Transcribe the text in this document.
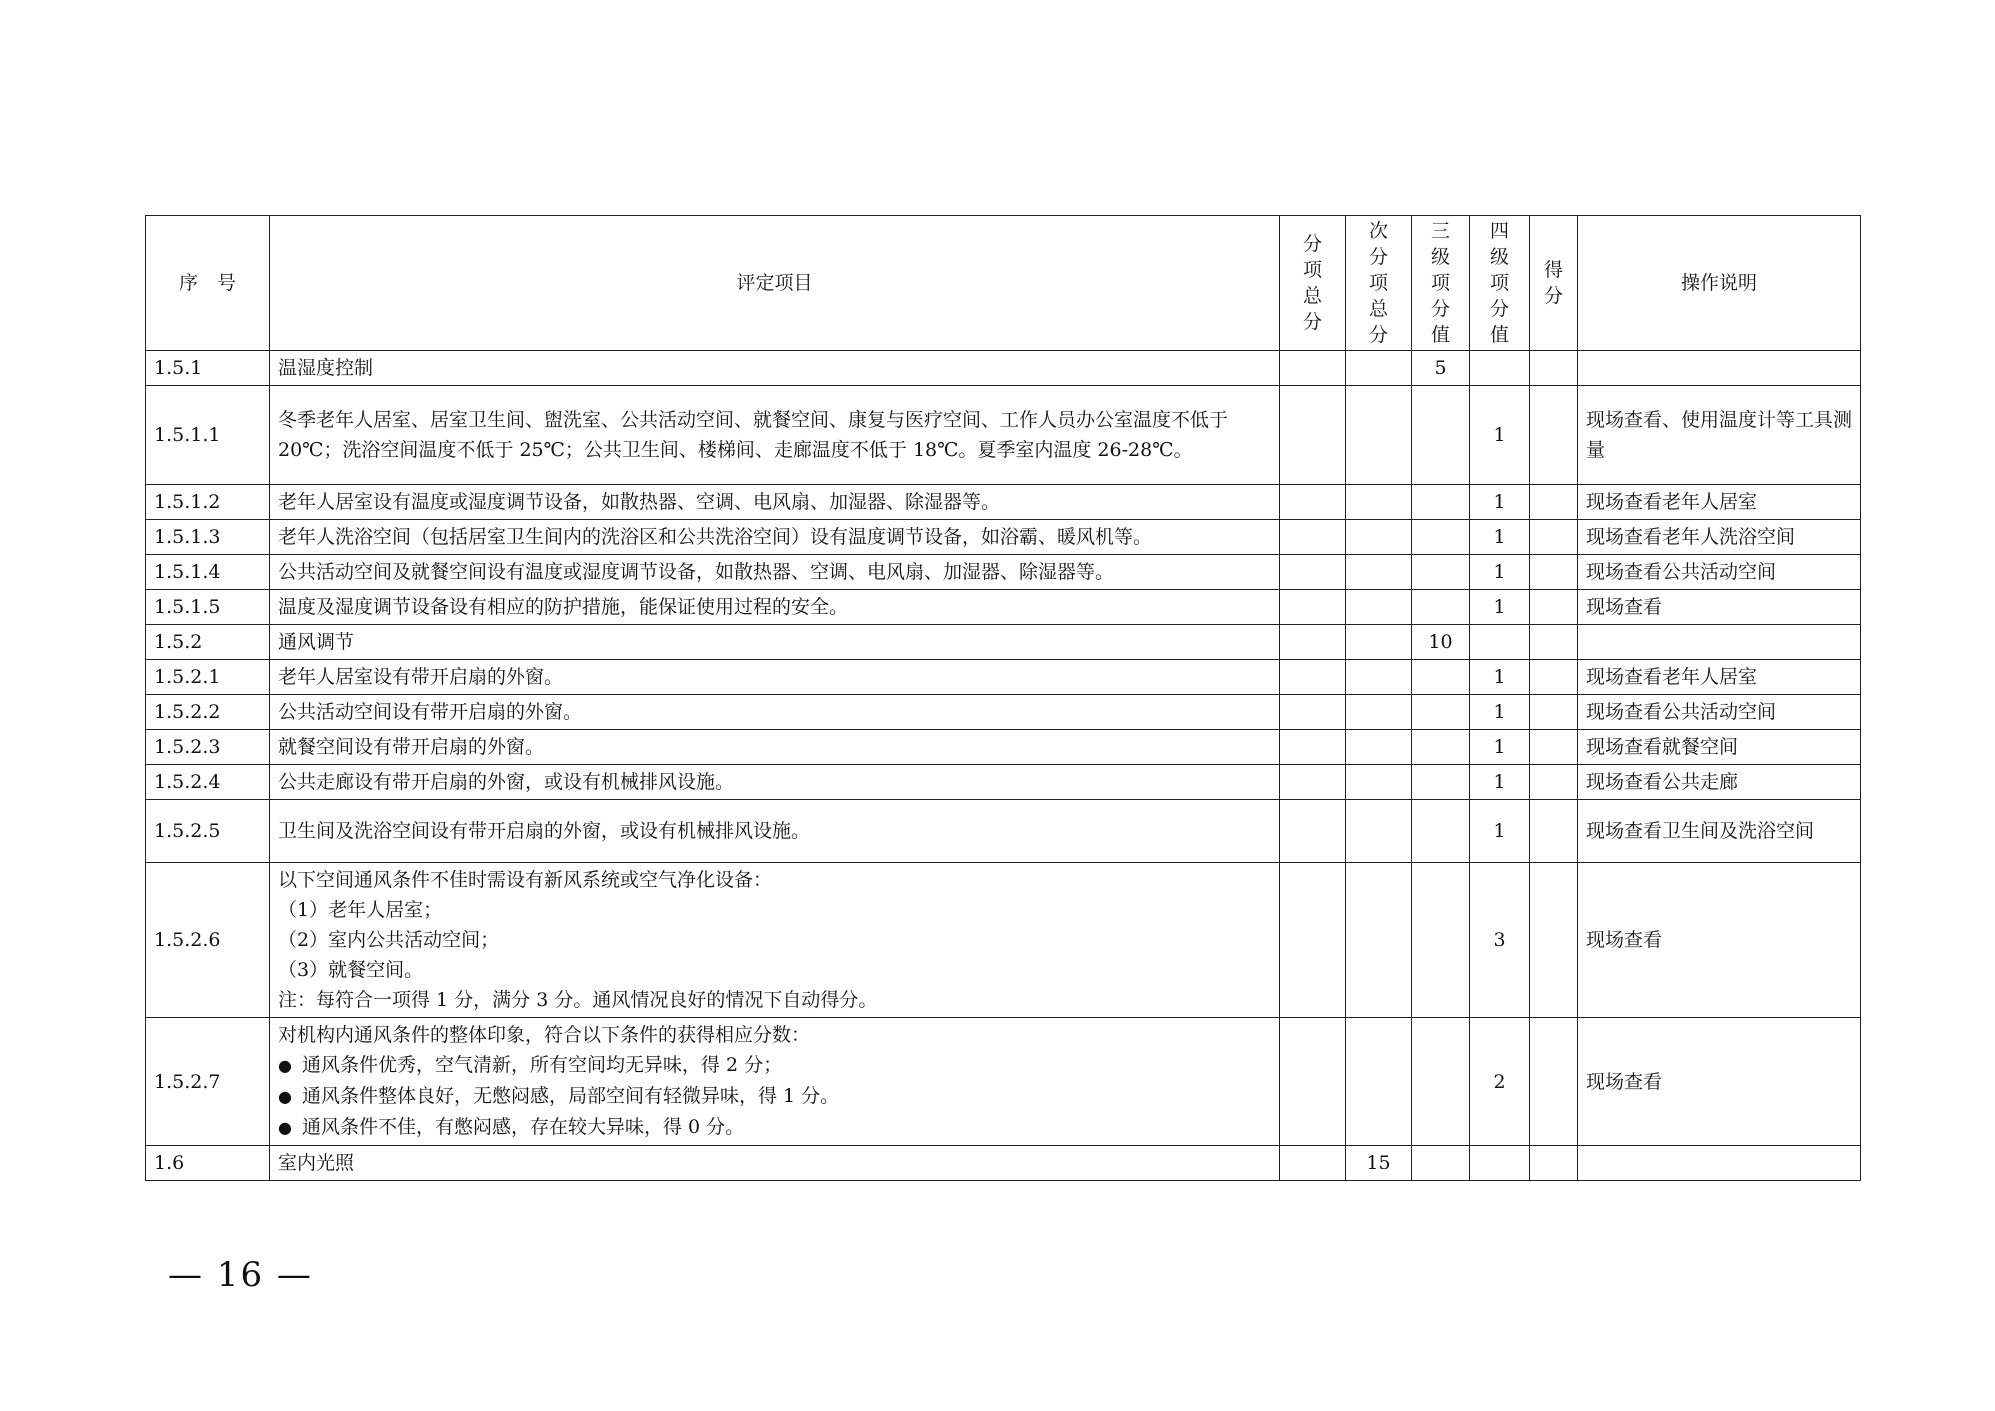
序　号	评定项目	分项总分	次分项总分	三级项分值	四级项分值	得分	操作说明
1.5.1	温湿度控制			5			
1.5.1.1	冬季老年人居室、居室卫生间、盥洗室、公共活动空间、就餐空间、康复与医疗空间、工作人员办公室温度不低于 20℃；洗浴空间温度不低于 25℃；公共卫生间、楼梯间、走廊温度不低于 18℃。夏季室内温度 26-28℃。				1		现场查看、使用温度计等工具测量
1.5.1.2	老年人居室设有温度或湿度调节设备，如散热器、空调、电风扇、加湿器、除湿器等。				1		现场查看老年人居室
1.5.1.3	老年人洗浴空间（包括居室卫生间内的洗浴区和公共洗浴空间）设有温度调节设备，如浴霸、暖风机等。				1		现场查看老年人洗浴空间
1.5.1.4	公共活动空间及就餐空间设有温度或湿度调节设备，如散热器、空调、电风扇、加湿器、除湿器等。				1		现场查看公共活动空间
1.5.1.5	温度及湿度调节设备设有相应的防护措施，能保证使用过程的安全。				1		现场查看
1.5.2	通风调节			10			
1.5.2.1	老年人居室设有带开启扇的外窗。				1		现场查看老年人居室
1.5.2.2	公共活动空间设有带开启扇的外窗。				1		现场查看公共活动空间
1.5.2.3	就餐空间设有带开启扇的外窗。				1		现场查看就餐空间
1.5.2.4	公共走廊设有带开启扇的外窗，或设有机械排风设施。				1		现场查看公共走廊
1.5.2.5	卫生间及洗浴空间设有带开启扇的外窗，或设有机械排风设施。				1		现场查看卫生间及洗浴空间
1.5.2.6	以下空间通风条件不佳时需设有新风系统或空气净化设备：
（1）老年人居室；
（2）室内公共活动空间；
（3）就餐空间。
注：每符合一项得 1 分，满分 3 分。通风情况良好的情况下自动得分。				3		现场查看
1.5.2.7	对机构内通风条件的整体印象，符合以下条件的获得相应分数：
● 通风条件优秀，空气清新，所有空间均无异味，得 2 分；
● 通风条件整体良好，无憋闷感，局部空间有轻微异味，得 1 分。
● 通风条件不佳，有憋闷感，存在较大异味，得 0 分。				2		现场查看
1.6	室内光照		15				
— 16 —
